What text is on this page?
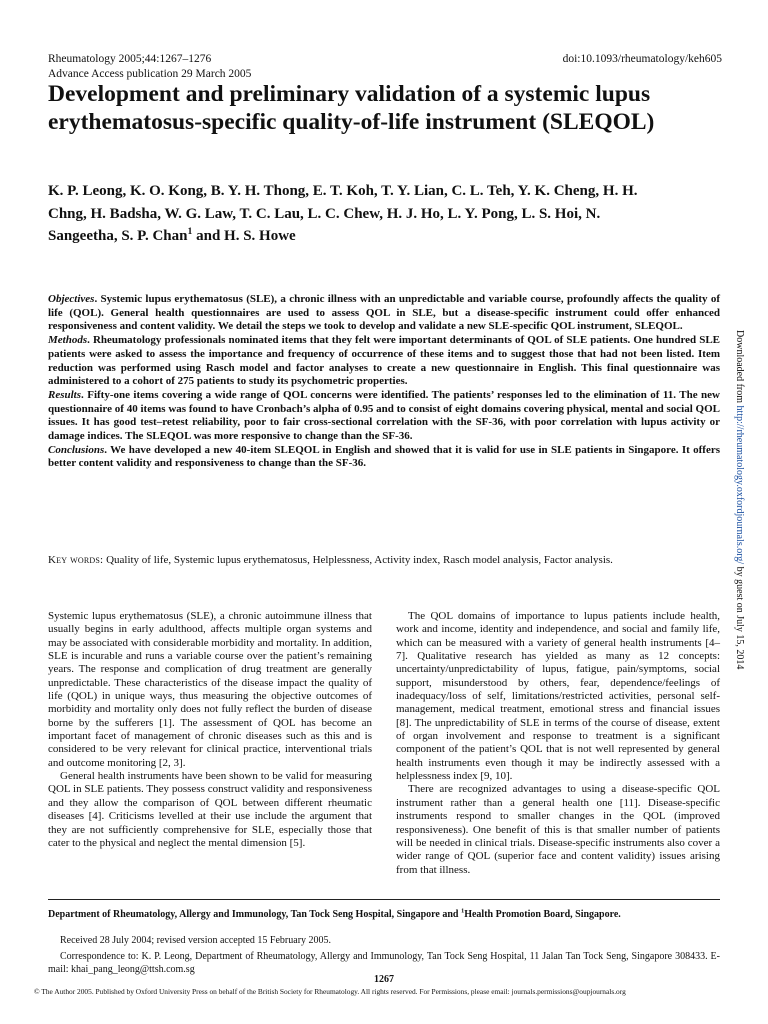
Rheumatology 2005;44:1267–1276
Advance Access publication 29 March 2005
doi:10.1093/rheumatology/keh605
Development and preliminary validation of a systemic lupus erythematosus-specific quality-of-life instrument (SLEQOL)

K. P. Leong, K. O. Kong, B. Y. H. Thong, E. T. Koh, T. Y. Lian, C. L. Teh, Y. K. Cheng, H. H. Chng, H. Badsha, W. G. Law, T. C. Lau, L. C. Chew, H. J. Ho, L. Y. Pong, L. S. Hoi, N. Sangeetha, S. P. Chan$^1$ and H. S. Howe

Objectives. Systemic lupus erythematosus (SLE), a chronic illness with an unpredictable and variable course, profoundly affects the quality of life (QOL). General health questionnaires are used to assess QOL in SLE, but a disease-specific instrument could offer enhanced responsiveness and content validity. We detail the steps we took to develop and validate a new SLE-specific QOL instrument, SLEQOL.

Methods. Rheumatology professionals nominated items that they felt were important determinants of QOL of SLE patients. One hundred SLE patients were asked to assess the importance and frequency of occurrence of these items and to suggest those that had not been listed. Item reduction was performed using Rasch model and factor analyses to create a new questionnaire in English. This final questionnaire was administered to a cohort of 275 patients to study its psychometric properties.

Results. Fifty-one items covering a wide range of QOL concerns were identified. The patients’ responses led to the elimination of 11. The new questionnaire of 40 items was found to have Cronbach’s alpha of 0.95 and to consist of eight domains covering physical, mental and social QOL issues. It has good test–retest reliability, poor to fair cross-sectional correlation with the SF-36, with poor correlation with lupus activity or damage indices. The SLEQOL was more responsive to change than the SF-36.

Conclusions. We have developed a new 40-item SLEQOL in English and showed that it is valid for use in SLE patients in Singapore. It offers better content validity and responsiveness to change than the SF-36.

Key words: Quality of life, Systemic lupus erythematosus, Helplessness, Activity index, Rasch model analysis, Factor analysis.

Systemic lupus erythematosus (SLE), a chronic autoimmune illness that usually begins in early adulthood, affects multiple organ systems and may be associated with considerable morbidity and mortality. In addition, SLE is incurable and runs a variable course over the patient’s remaining years. The response and complication of drug treatment are generally unpredictable. These characteristics of the disease impact the quality of life (QOL) in unique ways, thus measuring the objective outcomes of morbidity and mortality only does not fully reflect the burden of disease borne by the sufferers [1]. The assessment of QOL has become an important facet of management of chronic diseases such as this and is considered to be very relevant for clinical practice, interventional trials and outcome monitoring [2, 3].

General health instruments have been shown to be valid for measuring QOL in SLE patients. They possess construct validity and responsiveness and they allow the comparison of QOL between different rheumatic diseases [4]. Criticisms levelled at their use include the argument that they are not sufficiently comprehensive for SLE, especially those that cater to the physical and neglect the mental dimension [5].

The QOL domains of importance to lupus patients include health, work and income, identity and independence, and social and family life, which can be measured with a variety of general health instruments [4–7]. Qualitative research has yielded as many as 12 concepts: uncertainty/unpredictability of lupus, fatigue, pain/symptoms, social support, misunderstood by others, fear, dependence/feelings of inadequacy/loss of self, limitations/restricted activities, personal self-management, medical treatment, emotional stress and financial issues [8]. The unpredictability of SLE in terms of the course of disease, extent of organ involvement and response to treatment is a significant component of the patient’s QOL that is not well represented by general health instruments even though it may be indirectly assessed with a helplessness index [9, 10].

There are recognized advantages to using a disease-specific QOL instrument rather than a general health one [11]. Disease-specific instruments respond to smaller changes in the QOL (improved responsiveness). One benefit of this is that smaller number of patients will be needed in clinical trials. Disease-specific instruments also cover a wider range of QOL (superior face and content validity) issues arising from that illness.

Department of Rheumatology, Allergy and Immunology, Tan Tock Seng Hospital, Singapore and $^1$Health Promotion Board, Singapore.
Received 28 July 2004; revised version accepted 15 February 2005.
Correspondence to: K. P. Leong, Department of Rheumatology, Allergy and Immunology, Tan Tock Seng Hospital, 11 Jalan Tan Tock Seng, Singapore 308433. E-mail: khai_pang_leong@ttsh.com.sg
1267
© The Author 2005. Published by Oxford University Press on behalf of the British Society for Rheumatology. All rights reserved. For Permissions, please email: journals.permissions@oupjournals.org
Downloaded from http://rheumatology.oxfordjournals.org/ by guest on July 15, 2014
